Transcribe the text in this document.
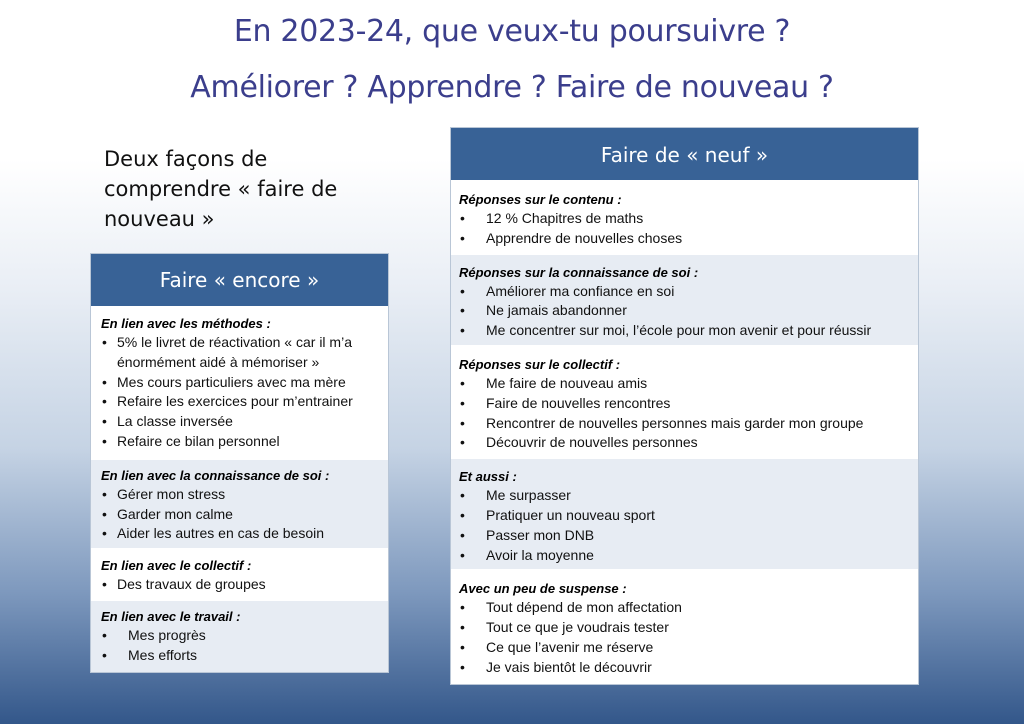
En 2023-24, que veux-tu poursuivre ?
Améliorer ? Apprendre ? Faire de nouveau ?
Deux façons de comprendre « faire de nouveau »
Faire « encore »
En lien avec les méthodes :
• 5% le livret de réactivation « car il m’a énormément aidé à mémoriser »
• Mes cours particuliers avec ma mère
• Refaire les exercices pour m’entrainer
• La classe inversée
• Refaire ce bilan personnel
En lien avec la connaissance de soi :
• Gérer mon stress
• Garder mon calme
• Aider les autres en cas de besoin
En lien avec le collectif :
• Des travaux de groupes
En lien avec le travail :
• Mes progrès
• Mes efforts
Faire de « neuf »
Réponses sur le contenu :
• 12 % Chapitres de maths
• Apprendre de nouvelles choses
Réponses sur la connaissance de soi :
• Améliorer ma confiance en soi
• Ne jamais abandonner
• Me concentrer sur moi, l’école pour mon avenir et pour réussir
Réponses sur le collectif :
• Me faire de nouveau amis
• Faire de nouvelles rencontres
• Rencontrer de nouvelles personnes mais garder mon groupe
• Découvrir de nouvelles personnes
Et aussi :
• Me surpasser
• Pratiquer un nouveau sport
• Passer mon DNB
• Avoir la moyenne
Avec un peu de suspense :
• Tout dépend de mon affectation
• Tout ce que je voudrais tester
• Ce que l’avenir me réserve
• Je vais bientôt le découvrir
